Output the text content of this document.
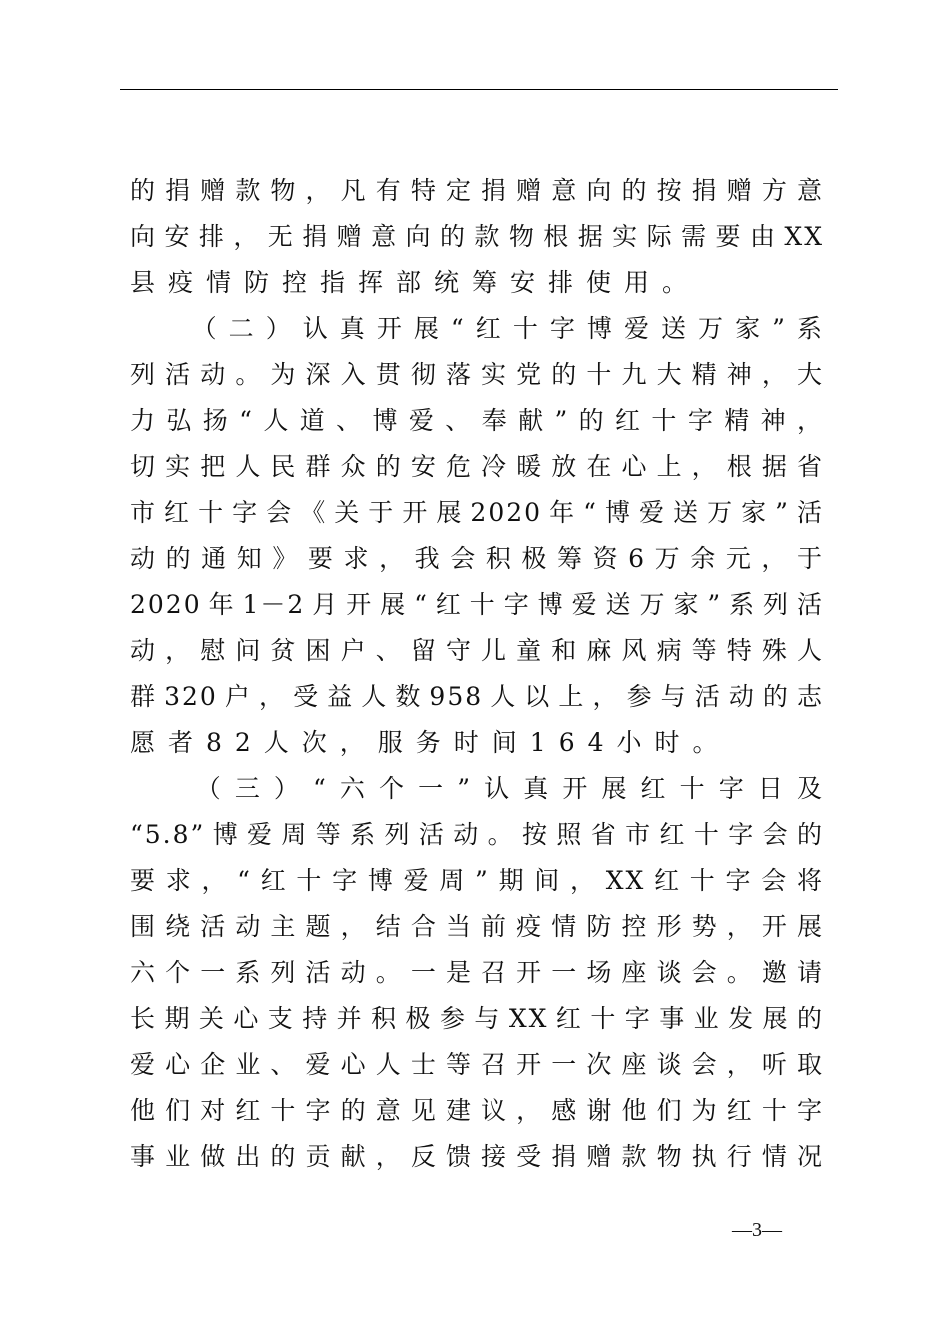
的捐赠款物，凡有特定捐赠意向的按捐赠方意
向安排，无捐赠意向的款物根据实际需要由XX
县疫情防控指挥部统筹安排使用。
　　（二）认真开展“红十字博爱送万家”系
列活动。为深入贯彻落实党的十九大精神，大
力弘扬“人道、博爱、奉献”的红十字精神，
切实把人民群众的安危冷暖放在心上，根据省
市红十字会《关于开展2020年“博爱送万家”活
动的通知》要求，我会积极筹资6万余元，于
2020年1－2月开展“红十字博爱送万家”系列活
动，慰问贫困户、留守儿童和麻风病等特殊人
群320户，受益人数958人以上，参与活动的志
愿者82人次，服务时间164小时。
　　（三）“六个一”认真开展红十字日及
“5.8”博爱周等系列活动。按照省市红十字会的
要求，“红十字博爱周”期间，XX红十字会将
围绕活动主题，结合当前疫情防控形势，开展
六个一系列活动。一是召开一场座谈会。邀请
长期关心支持并积极参与XX红十字事业发展的
爱心企业、爱心人士等召开一次座谈会，听取
他们对红十字的意见建议，感谢他们为红十字
事业做出的贡献，反馈接受捐赠款物执行情况
—3—
